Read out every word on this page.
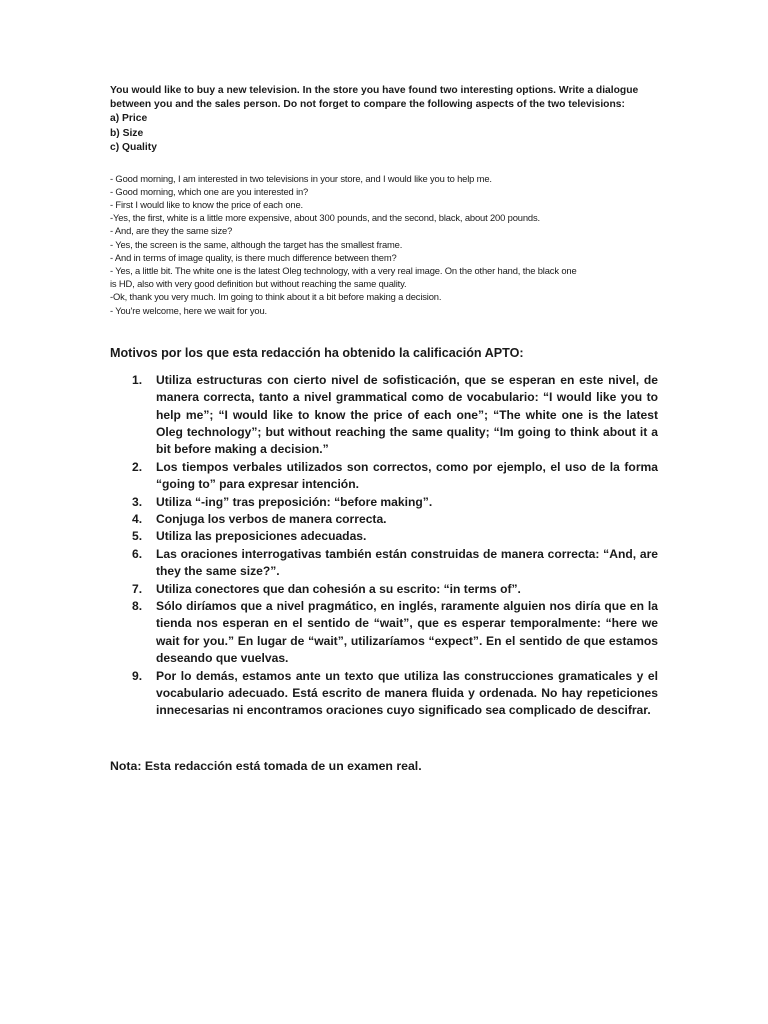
You would like to buy a new television. In the store you have found two interesting options. Write a dialogue between you and the sales person. Do not forget to compare the following aspects of the two televisions:

a) Price
b) Size
c) Quality
- Good morning, I am interested in two televisions in your store, and I would like you to help me.
- Good morning, which one are you interested in?
- First I would like to know the price of each one.
-Yes, the first, white is a little more expensive, about 300 pounds, and the second, black, about 200 pounds.
- And, are they the same size?
- Yes, the screen is the same, although the target has the smallest frame.
- And in terms of image quality, is there much difference between them?
- Yes, a little bit. The white one is the latest Oleg technology, with a very real image. On the other hand, the black one
is HD, also with very good definition but without reaching the same quality.
-Ok, thank you very much. Im going to think about it a bit before making a decision.
- You're welcome, here we wait for you.
Motivos por los que esta redacción ha obtenido la calificación APTO:
1. Utiliza estructuras con cierto nivel de sofisticación, que se esperan en este nivel, de manera correcta, tanto a nivel grammatical como de vocabulario: “I would like you to help me”; “I would like to know the price of each one”; “The white one is the latest Oleg technology”; but without reaching the same quality; “Im going to think about it a bit before making a decision.”
2. Los tiempos verbales utilizados son correctos, como por ejemplo, el uso de la forma “going to” para expresar intención.
3. Utiliza “-ing” tras preposición: “before making”.
4. Conjuga los verbos de manera correcta.
5. Utiliza las preposiciones adecuadas.
6. Las oraciones interrogativas también están construidas de manera correcta: “And, are they the same size?”.
7. Utiliza conectores que dan cohesión a su escrito: “in terms of”.
8. Sólo diríamos que a nivel pragmático, en inglés, raramente alguien nos diría que en la tienda nos esperan en el sentido de “wait”, que es esperar temporalmente: “here we wait for you.” En lugar de “wait”, utilizaríamos “expect”. En el sentido de que estamos deseando que vuelvas.
9. Por lo demás, estamos ante un texto que utiliza las construcciones gramaticales y el vocabulario adecuado. Está escrito de manera fluida y ordenada. No hay repeticiones innecesarias ni encontramos oraciones cuyo significado sea complicado de descifrar.

Nota: Esta redacción está tomada de un examen real.
